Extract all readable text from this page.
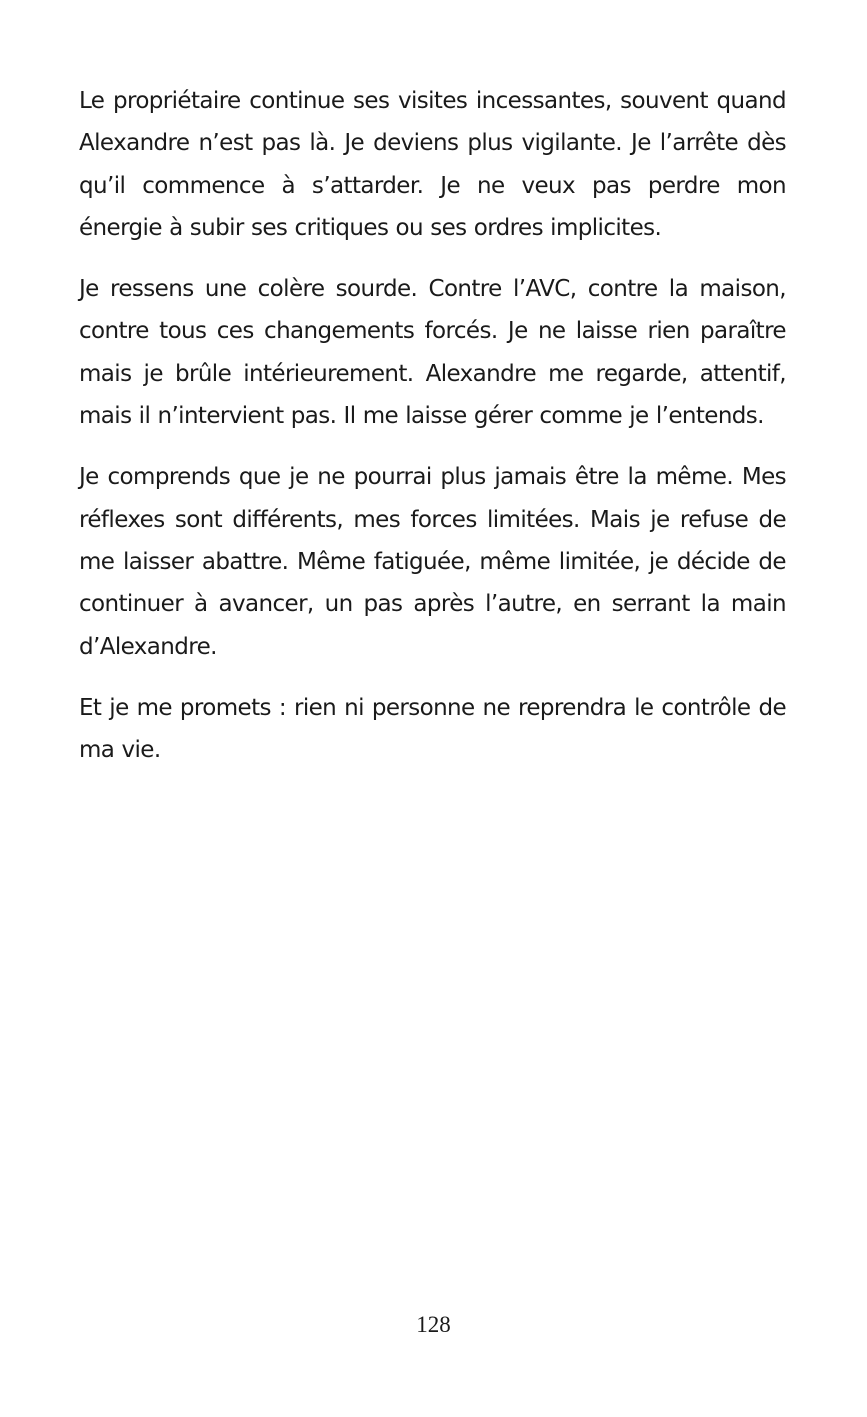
Le propriétaire continue ses visites incessantes, souvent quand Alexandre n’est pas là. Je deviens plus vigilante. Je l’arrête dès qu’il commence à s’attarder. Je ne veux pas perdre mon énergie à subir ses critiques ou ses ordres implicites.

Je ressens une colère sourde. Contre l’AVC, contre la maison, contre tous ces changements forcés. Je ne laisse rien paraître mais je brûle intérieurement. Alexandre me regarde, attentif, mais il n’intervient pas. Il me laisse gérer comme je l’entends.

Je comprends que je ne pourrai plus jamais être la même. Mes réflexes sont différents, mes forces limitées. Mais je refuse de me laisser abattre. Même fatiguée, même limitée, je décide de continuer à avancer, un pas après l’autre, en serrant la main d’Alexandre.

Et je me promets : rien ni personne ne reprendra le contrôle de ma vie.

128
